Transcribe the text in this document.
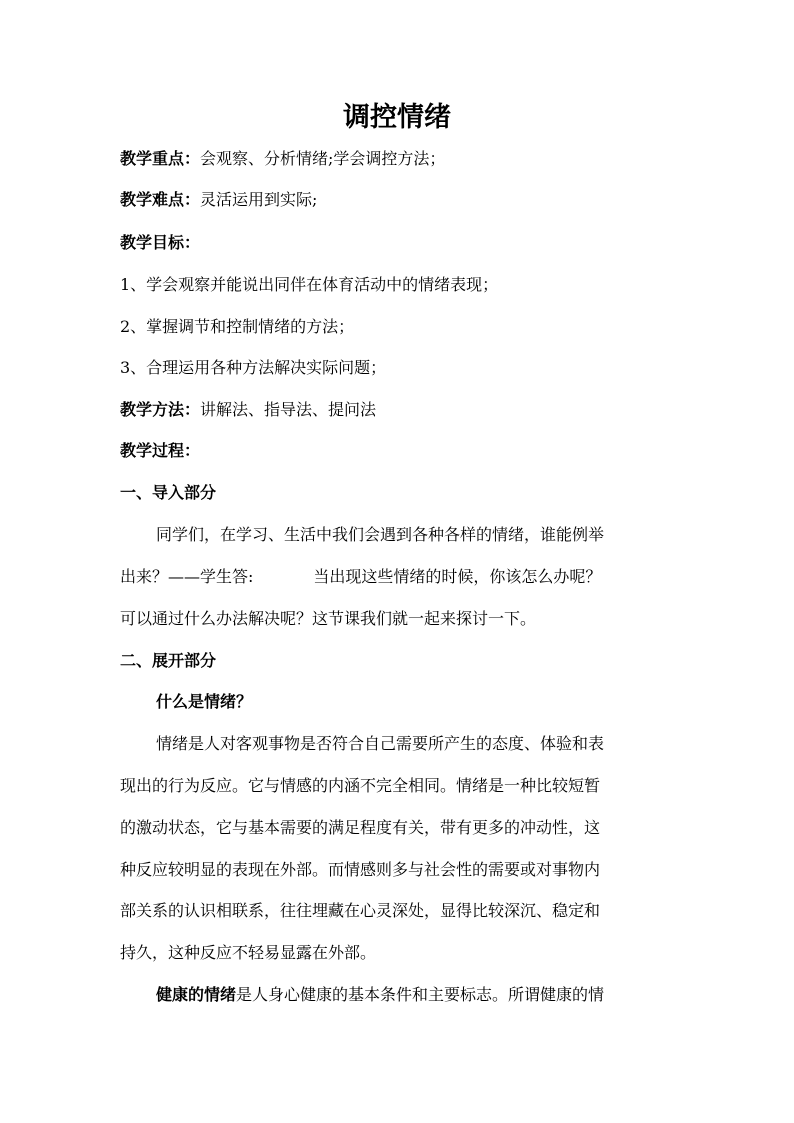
调控情绪
教学重点：会观察、分析情绪;学会调控方法；
教学难点：灵活运用到实际;
教学目标：
1、学会观察并能说出同伴在体育活动中的情绪表现；
2、掌握调节和控制情绪的方法；
3、合理运用各种方法解决实际问题；
教学方法：讲解法、指导法、提问法
教学过程：
一、导入部分
同学们，在学习、生活中我们会遇到各种各样的情绪，谁能例举
出来？——学生答:	当出现这些情绪的时候，你该怎么办呢？
可以通过什么办法解决呢？这节课我们就一起来探讨一下。
二、展开部分
什么是情绪？
情绪是人对客观事物是否符合自己需要所产生的态度、体验和表
现出的行为反应。它与情感的内涵不完全相同。情绪是一种比较短暂
的激动状态，它与基本需要的满足程度有关，带有更多的冲动性，这
种反应较明显的表现在外部。而情感则多与社会性的需要或对事物内
部关系的认识相联系，往往埋藏在心灵深处，显得比较深沉、稳定和
持久，这种反应不轻易显露在外部。
健康的情绪是人身心健康的基本条件和主要标志。所谓健康的情
